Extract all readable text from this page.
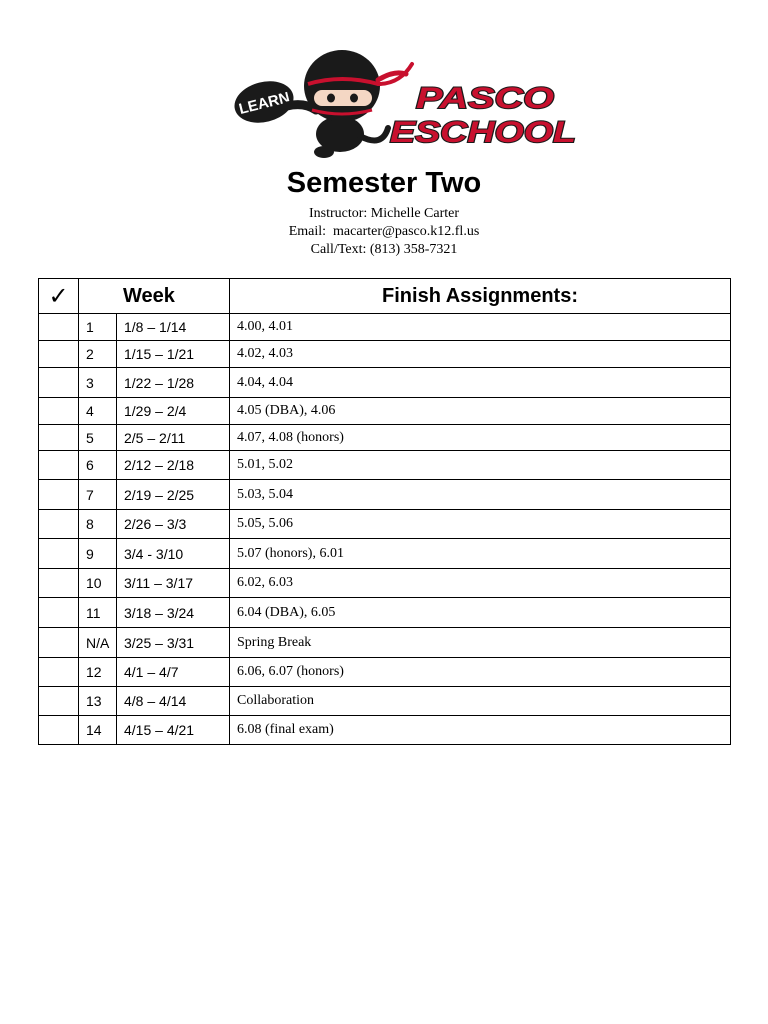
LEARN	PASCO
ESCHOOL
Semester Two
Instructor: Michelle Carter
Email:  macarter@pasco.k12.fl.us
Call/Text: (813) 358-7321
✓	Week		Finish Assignments:
	1	1/8 – 1/14	4.00, 4.01
	2	1/15 – 1/21	4.02, 4.03
	3	1/22 – 1/28	4.04, 4.04
	4	1/29 – 2/4	4.05 (DBA), 4.06
	5	2/5 – 2/11	4.07, 4.08 (honors)
	6	2/12 – 2/18	5.01, 5.02
	7	2/19 – 2/25	5.03, 5.04
	8	2/26 – 3/3	5.05, 5.06
	9	3/4 - 3/10	5.07 (honors), 6.01
	10	3/11 – 3/17	6.02, 6.03
	11	3/18 – 3/24	6.04 (DBA), 6.05
	N/A	3/25 – 3/31	Spring Break
	12	4/1 – 4/7	6.06, 6.07 (honors)
	13	4/8 – 4/14	Collaboration
	14	4/15 – 4/21	6.08 (final exam)
